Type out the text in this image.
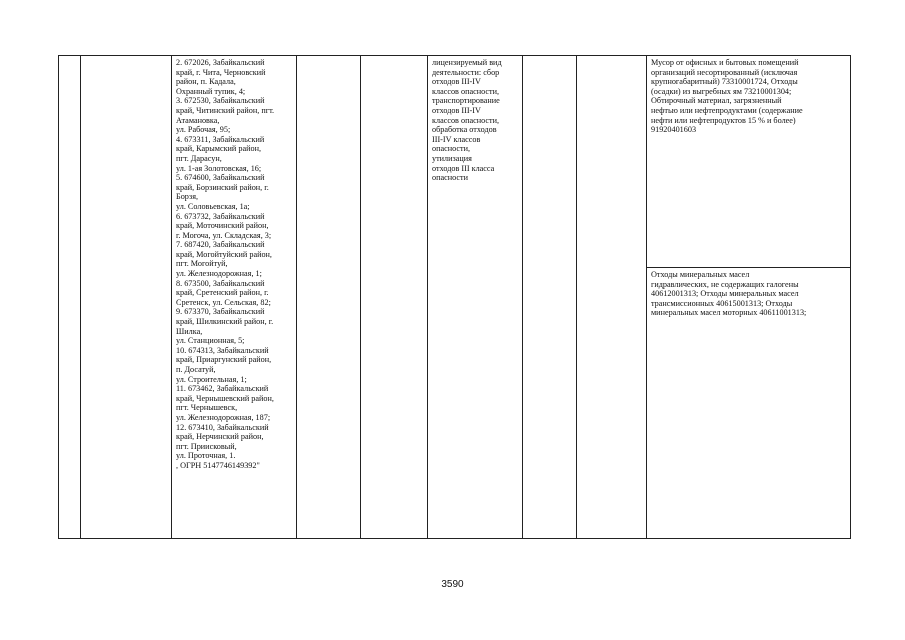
2. 672026, Забайкальский
край, г. Чита, Черновский
район, п. Кадала,
Охранный тупик, 4;
3. 672530, Забайкальский
край, Читинский район, пгт.
Атамановка,
ул. Рабочая, 95;
4. 673311, Забайкальский
край, Карымский район,
пгт. Дарасун,
ул. 1-ая Золотовская, 16;
5. 674600, Забайкальский
край, Борзинский район, г.
Борзя,
ул. Соловьевская, 1а;
6. 673732, Забайкальский
край, Моточинский район,
г. Могоча, ул. Складская, 3;
7. 687420, Забайкальский
край, Могойтуйский район,
пгт. Могойтуй,
ул. Железнодорожная, 1;
8. 673500, Забайкальский
край, Сретенский район, г.
Сретенск, ул. Сельская, 82;
9. 673370, Забайкальский
край, Шилкинский район, г.
Шилка,
ул. Станционная, 5;
10. 674313, Забайкальский
край, Приаргунский район,
п. Досатуй,
ул. Строительная, 1;
11. 673462, Забайкальский
край, Чернышевский район,
пгт. Чернышевск,
ул. Железнодорожная, 187;
12. 673410, Забайкальский
край, Нерчинский район,
пгт. Приисковый,
ул. Проточная, 1.
, ОГРН 5147746149392"
лицензируемый вид
деятельности: сбор
отходов III-IV
классов опасности,
транспортирование
отходов III-IV
классов опасности,
обработка отходов
III-IV классов
опасности,
утилизация
отходов III класса
опасности
Мусор от офисных и бытовых помещений
организаций несортированный (исключая
крупногабаритный) 73310001724, Отходы
(осадки) из выгребных ям 73210001304;
Обтирочный материал, загрязненный
нефтью или нефтепродуктами (содержание
нефти или нефтепродуктов 15 % и более)
91920401603
Отходы минеральных масел
гидравлических, не содержащих галогены
40612001313; Отходы минеральных масел
трансмиссионных 40615001313; Отходы
минеральных масел моторных 40611001313;
3590
